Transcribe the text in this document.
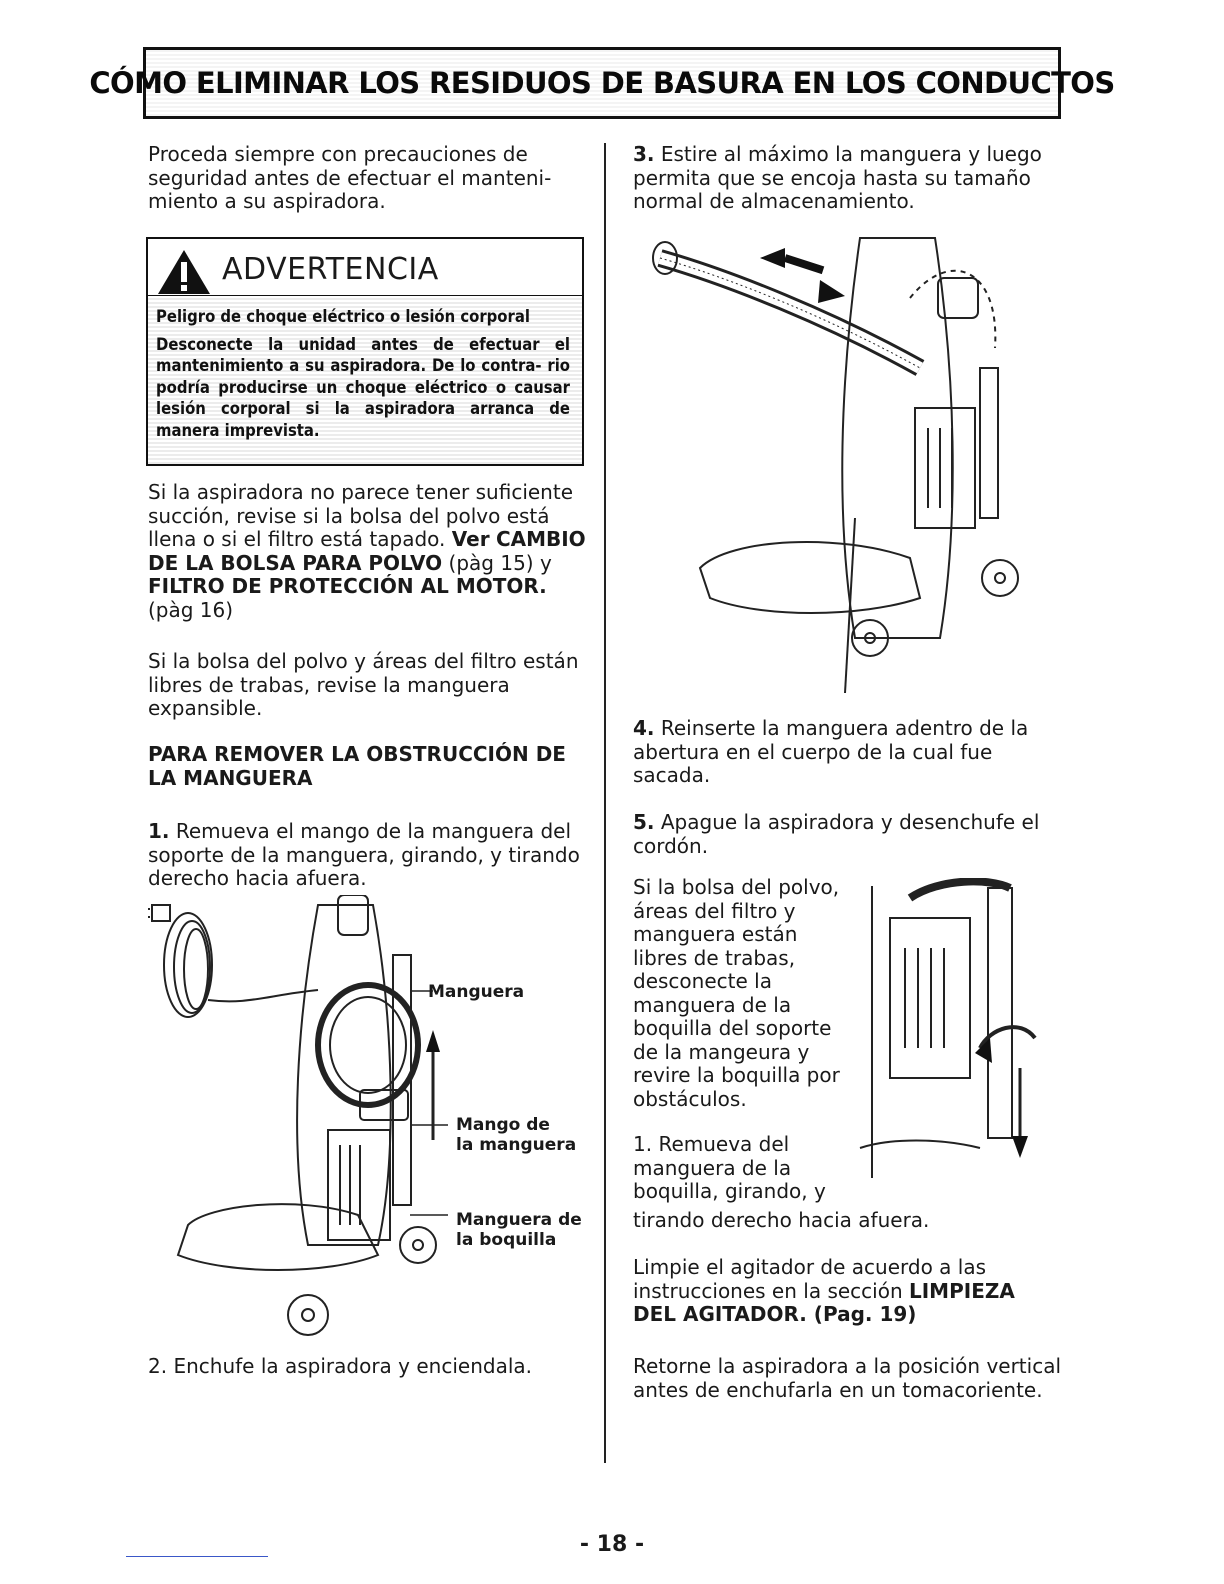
CÓMO ELIMINAR LOS RESIDUOS DE BASURA EN LOS CONDUCTOS

Proceda siempre con precauciones de seguridad antes de efectuar el manteni- miento a su aspiradora.

ADVERTENCIA

Peligro de choque eléctrico o lesión corporal

Desconecte la unidad antes de efectuar el mantenimiento a su aspiradora. De lo contra- rio podría producirse un choque eléctrico o causar lesión corporal si la aspiradora arranca de manera imprevista.

Si la aspiradora no parece tener suficiente succión, revise si la bolsa del polvo está llena o si el filtro está tapado. Ver CAMBIO DE LA BOLSA PARA POLVO (pàg 15) y FILTRO DE PROTECCIÓN AL MOTOR. (pàg 16)

Si la bolsa del polvo y áreas del filtro están libres de trabas, revise la manguera expansible.

PARA REMOVER LA OBSTRUCCIÓN DE LA MANGUERA

1. Remueva el mango de la manguera del soporte de la manguera, girando, y tirando derecho hacia afuera.

Manguera
Mango de
la manguera
Manguera de
la boquilla

2. Enchufe la aspiradora y enciendala.

3. Estire al máximo la manguera y luego permita que se encoja hasta su tamaño normal de almacenamiento.

4. Reinserte la manguera adentro de la abertura en el cuerpo de la cual fue sacada.

5. Apague la aspiradora y desenchufe el cordón.

Si la bolsa del polvo,

áreas del filtro y

manguera están

libres de trabas,

desconecte la

manguera de la

boquilla del soporte

de la mangeura y

revire la boquilla por

obstáculos.

1. Remueva del

manguera de la

boquilla, girando, y

tirando derecho hacia afuera.

Limpie el agitador de acuerdo a las instrucciones en la sección LIMPIEZA DEL AGITADOR. (Pag. 19)

Retorne la aspiradora a la posición vertical antes de enchufarla en un tomacoriente.

- 18 -
